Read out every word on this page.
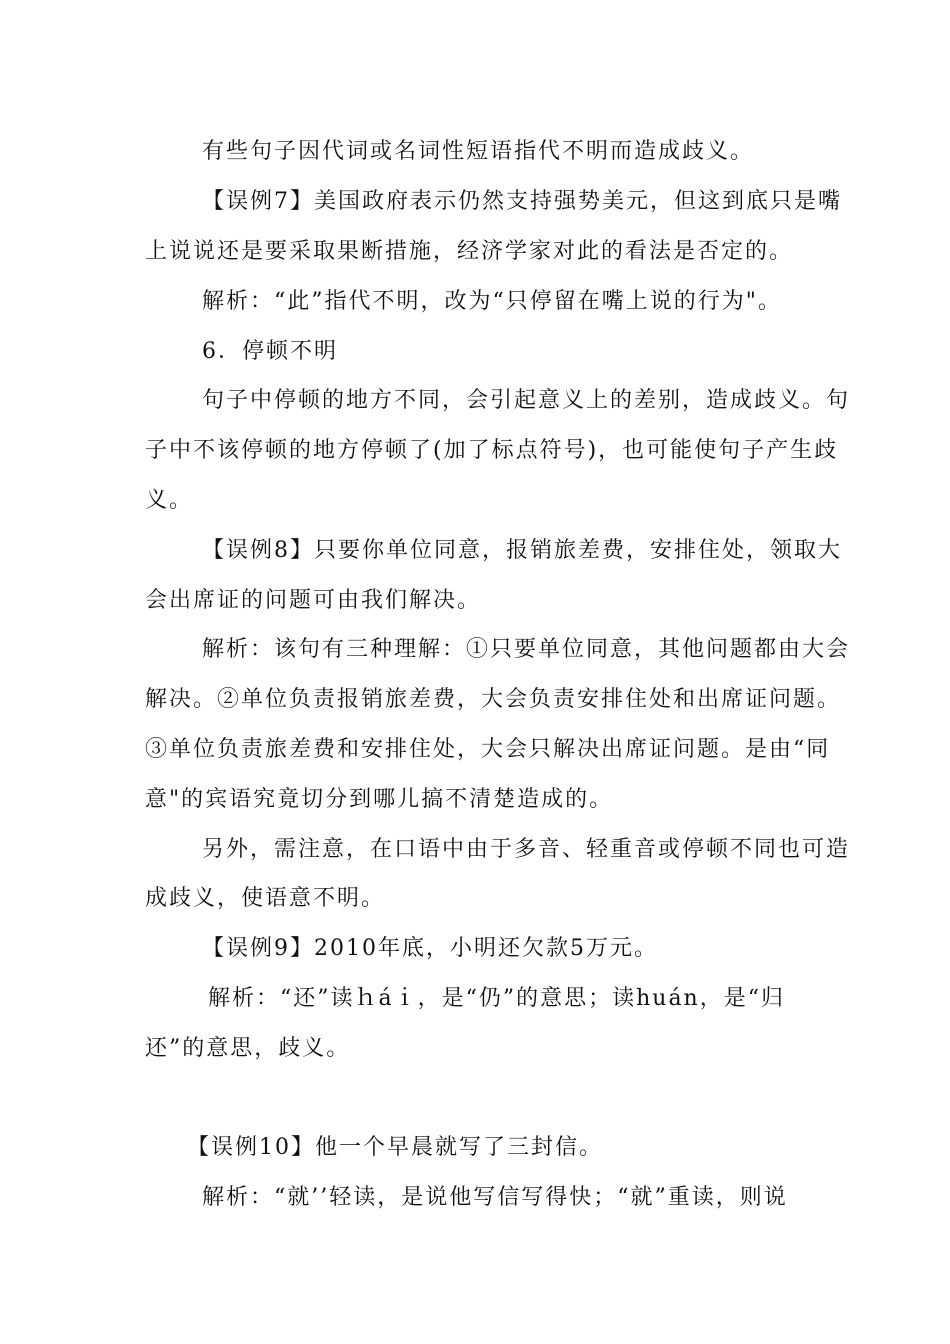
有些句子因代词或名词性短语指代不明而造成歧义。
【误例7】美国政府表示仍然支持强势美元，但这到底只是嘴
上说说还是要采取果断措施，经济学家对此的看法是否定的。
解析：“此”指代不明，改为“只停留在嘴上说的行为"。
6．停顿不明
句子中停顿的地方不同，会引起意义上的差别，造成歧义。句
子中不该停顿的地方停顿了(加了标点符号)，也可能使句子产生歧
义。
【误例8】只要你单位同意，报销旅差费，安排住处，领取大
会出席证的问题可由我们解决。
解析：该句有三种理解：①只要单位同意，其他问题都由大会
解决。②单位负责报销旅差费，大会负责安排住处和出席证问题。
③单位负责旅差费和安排住处，大会只解决出席证问题。是由“同
意"的宾语究竟切分到哪儿搞不清楚造成的。
另外，需注意，在口语中由于多音、轻重音或停顿不同也可造
成歧义，使语意不明。
【误例9】2010年底，小明还欠款5万元。
解析：“还”读ｈáｉ，是“仍”的意思；读huán，是“归
还”的意思，歧义。
【误例10】他一个早晨就写了三封信。
解析：“就’’轻读，是说他写信写得快；“就”重读，则说
